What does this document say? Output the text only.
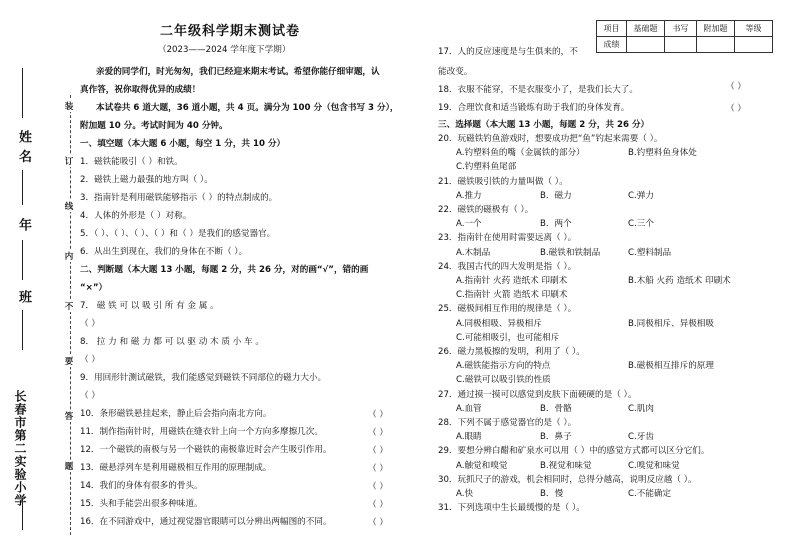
姓 名
年
班
长春市第二实验小学
装
订
线
内
不
要
答
题
二年级科学期末测试卷
（2023——2024 学年度下学期）
亲爱的同学们，时光匆匆，我们已经迎来期末考试。希望你能仔细审题，认
真作答，祝你取得优异的成绩！
本试卷共 6 道大题，36 道小题，共 4 页。满分为 100 分（包含书写 3 分），
附加题 10 分。考试时间为 40 分钟。
一、填空题（本大题 6 小题，每空 1 分，共 10 分）
1．磁铁能吸引（ ）和铁。
2．磁铁上磁力最强的地方叫（ ）。
3．指南针是利用磁铁能够指示（ ）的特点制成的。
4．人体的外形是（ ）对称。
5．（ ）、（ ）、（ ）、（ ）和（ ）是我们的感觉器官。
6．从出生到现在，我们的身体在不断（ ）。
二、判断题（本大题 13 小题，每题 2 分，共 26 分，对的画“√”，错的画
“×”）
7． 磁 铁 可 以 吸 引 所 有 金 属 。
（ ）
8． 拉 力 和 磁 力 都 可 以 驱 动 木 质 小 车 。
（ ）
9．用回形针测试磁铁，我们能感觉到磁铁不同部位的磁力大小。
（ ）
10．条形磁铁悬挂起来，静止后会指向南北方向。	（ ）
11．制作指南针时，用磁铁在缝衣针上向一个方向多摩擦几次。	（ ）
12．一个磁铁的南极与另一个磁铁的南极靠近时会产生吸引作用。	（ ）
13．磁悬浮列车是利用磁极相互作用的原理制成。	（ ）
14．我们的身体有很多的骨头。	（ ）
15．头和手能尝出很多种味道。	（ ）
16．在不同游戏中，通过视觉器官眼睛可以分辨出两幅图的不同。	（ ）
项目	基础题	书写	附加题	等级
成绩				
17．人的反应速度是与生俱来的，不
能改变。
（ ）
18．衣服不能穿，不是衣服变小了，是我们长大了。
19．合理饮食和适当锻炼有助于我们的身体发育。	（ ）
三、选择题（本大题 13 小题，每题 2 分，共 26 分）
20．玩磁铁钓鱼游戏时，想要成功把“鱼”钓起来需要（ ）。
A.钓塑料鱼的嘴（金属铁的部分）	B.钓塑料鱼身体处
C.钓塑料鱼尾部
21．磁铁吸引铁的力量叫做（ ）。
A.推力	B．磁力	C.弹力
22．磁铁的磁极有（ ）。
A.一个	B．两个	C.三个
23．指南针在使用时需要远离（ ）。
A.木制品	B.磁铁和铁制品	C.塑料制品
24．我国古代的四大发明是指（ ）。
A.指南针 火药 造纸术 印刷术	B.木船 火药 造纸术 印刷术
C.指南针 火箭 造纸术 印刷术
25．磁极间相互作用的规律是（ ）。
A.同极相吸、异极相斥	B.同极相斥、异极相吸
C.可能相吸引，也可能相斥
26．磁力黑板擦的发明，利用了（ ）。
A.磁铁能指示方向的特点	B.磁极相互排斥的原理
C.磁铁可以吸引铁的性质
27．通过摸一摸可以感觉到皮肤下面硬硬的是（ ）。
A.血管	B．骨骼	C.肌肉
28．下列不属于感觉器官的是（ ）。
A.眼睛	B．鼻子	C.牙齿
29．要想分辨白醋和矿泉水可以用（ ）中的感觉方式都可以区分它们。
A.触觉和嗅觉	B.视觉和味觉	C.嗅觉和味觉
30．玩抓尺子的游戏，机会相同时，总得分越高，说明反应越（ ）。
A.快	B．慢	C.不能确定
31．下列选项中生长最缓慢的是（ ）。
